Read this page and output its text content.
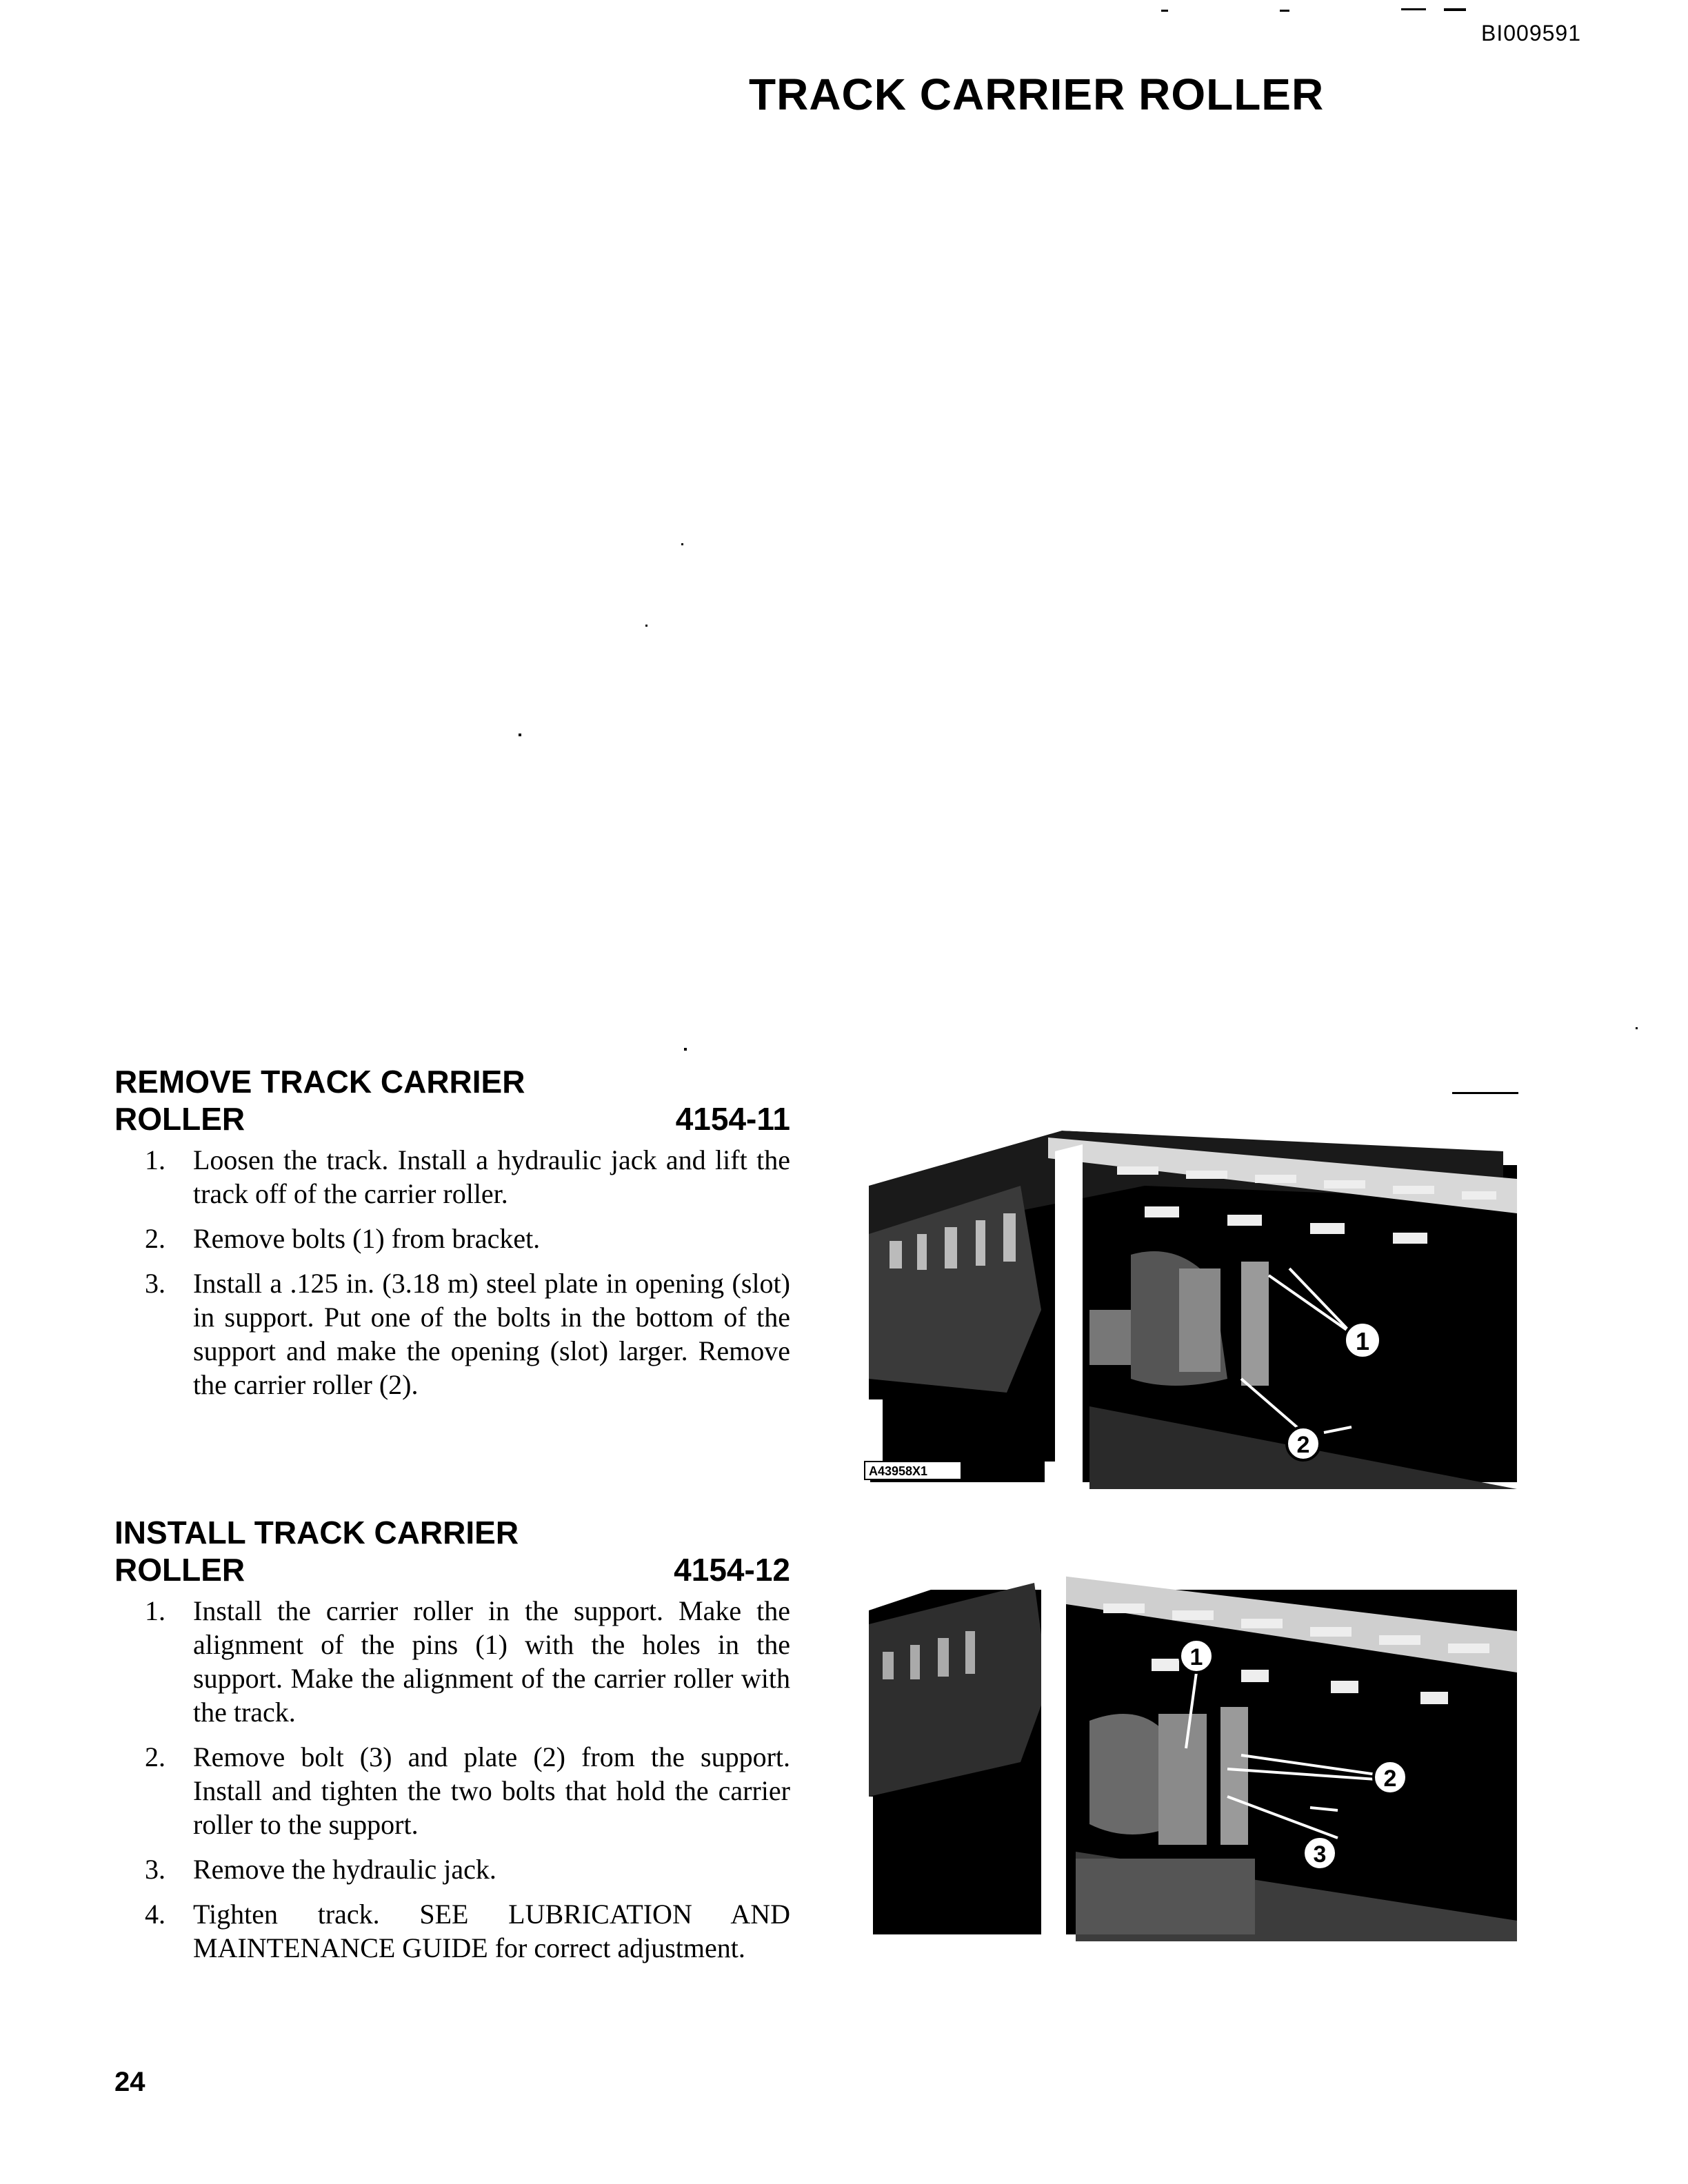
BI009591
TRACK CARRIER ROLLER
REMOVE TRACK CARRIER
ROLLER	4154-11
1. Loosen the track. Install a hydraulic jack and lift the track off of the carrier roller.
2. Remove bolts (1) from bracket.
3. Install a .125 in. (3.18 m) steel plate in opening (slot) in support. Put one of the bolts in the bottom of the support and make the opening (slot) larger. Remove the carrier roller (2).
1
2
A43958X1
INSTALL TRACK CARRIER
ROLLER	4154-12
1. Install the carrier roller in the support. Make the alignment of the pins (1) with the holes in the support. Make the alignment of the carrier roller with the track.
2. Remove bolt (3) and plate (2) from the support. Install and tighten the two bolts that hold the carrier roller to the support.
3. Remove the hydraulic jack.
4. Tighten track. SEE LUBRICATION AND MAINTENANCE GUIDE for correct adjustment.
1
2
3
A43957X1
24
